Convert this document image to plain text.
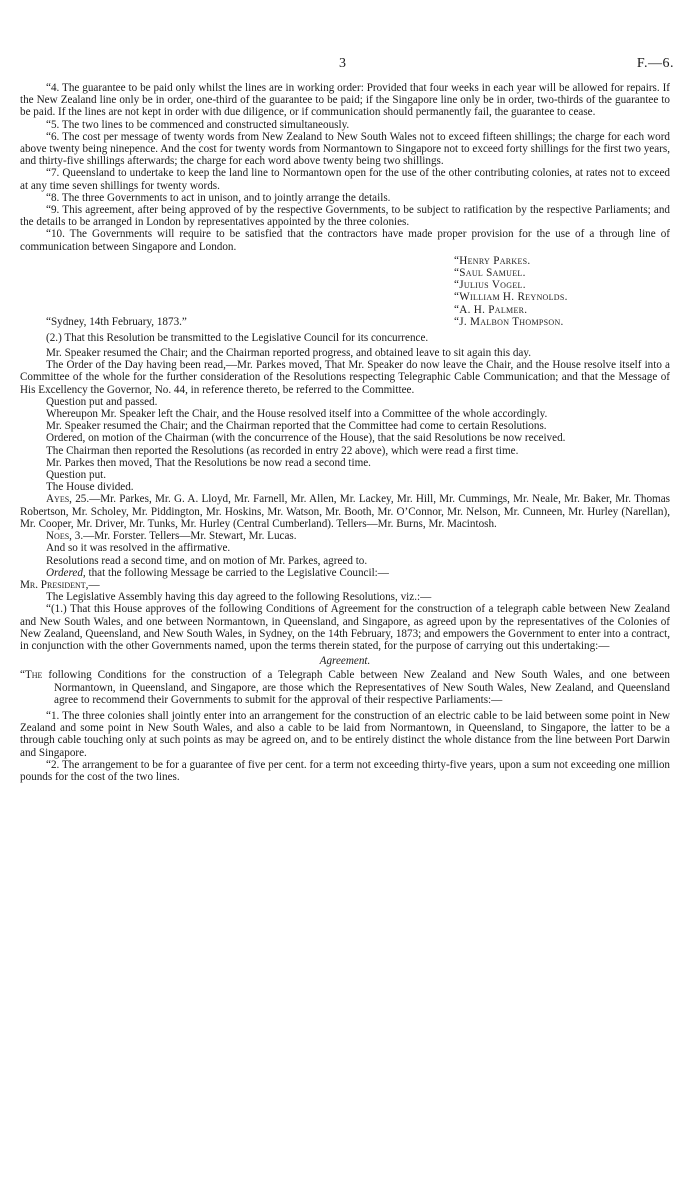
3	F.—6.

“4. The guarantee to be paid only whilst the lines are in working order: Provided that four weeks in each year will be allowed for repairs. If the New Zealand line only be in order, one-third of the guarantee to be paid; if the Singapore line only be in order, two-thirds of the guarantee to be paid. If the lines are not kept in order with due diligence, or if communication should permanently fail, the guarantee to cease.

“5. The two lines to be commenced and constructed simultaneously.

“6. The cost per message of twenty words from New Zealand to New South Wales not to exceed fifteen shillings; the charge for each word above twenty being ninepence. And the cost for twenty words from Normantown to Singapore not to exceed forty shillings for the first two years, and thirty-five shillings afterwards; the charge for each word above twenty being two shillings.

“7. Queensland to undertake to keep the land line to Normantown open for the use of the other contributing colonies, at rates not to exceed at any time seven shillings for twenty words.

“8. The three Governments to act in unison, and to jointly arrange the details.

“9. This agreement, after being approved of by the respective Governments, to be subject to ratification by the respective Parliaments; and the details to be arranged in London by representatives appointed by the three colonies.

“10. The Governments will require to be satisfied that the contractors have made proper provision for the use of a through line of communication between Singapore and London.

“Henry Parkes.

“Saul Samuel.

“Julius Vogel.

“William H. Reynolds.

“A. H. Palmer.

“J. Malbon Thompson.

“Sydney, 14th February, 1873.”

(2.) That this Resolution be transmitted to the Legislative Council for its concurrence.

Mr. Speaker resumed the Chair; and the Chairman reported progress, and obtained leave to sit again this day.

The Order of the Day having been read,—Mr. Parkes moved, That Mr. Speaker do now leave the Chair, and the House resolve itself into a Committee of the whole for the further consideration of the Resolutions respecting Telegraphic Cable Communication; and that the Message of His Excellency the Governor, No. 44, in reference thereto, be referred to the Committee.

Question put and passed.

Whereupon Mr. Speaker left the Chair, and the House resolved itself into a Committee of the whole accordingly.

Mr. Speaker resumed the Chair; and the Chairman reported that the Committee had come to certain Resolutions.

Ordered, on motion of the Chairman (with the concurrence of the House), that the said Resolutions be now received.

The Chairman then reported the Resolutions (as recorded in entry 22 above), which were read a first time.

Mr. Parkes then moved, That the Resolutions be now read a second time.

Question put.

The House divided.

Ayes, 25.—Mr. Parkes, Mr. G. A. Lloyd, Mr. Farnell, Mr. Allen, Mr. Lackey, Mr. Hill, Mr. Cummings, Mr. Neale, Mr. Baker, Mr. Thomas Robertson, Mr. Scholey, Mr. Piddington, Mr. Hoskins, Mr. Watson, Mr. Booth, Mr. O’Connor, Mr. Nelson, Mr. Cunneen, Mr. Hurley (Narellan), Mr. Cooper, Mr. Driver, Mr. Tunks, Mr. Hurley (Central Cumberland). Tellers—Mr. Burns, Mr. Macintosh.

Noes, 3.—Mr. Forster. Tellers—Mr. Stewart, Mr. Lucas.

And so it was resolved in the affirmative.

Resolutions read a second time, and on motion of Mr. Parkes, agreed to.

Ordered, that the following Message be carried to the Legislative Council:—

Mr. President,—

The Legislative Assembly having this day agreed to the following Resolutions, viz.:—

“(1.) That this House approves of the following Conditions of Agreement for the construction of a telegraph cable between New Zealand and New South Wales, and one between Normantown, in Queensland, and Singapore, as agreed upon by the representatives of the Colonies of New Zealand, Queensland, and New South Wales, in Sydney, on the 14th February, 1873; and empowers the Government to enter into a contract, in conjunction with the other Governments named, upon the terms therein stated, for the purpose of carrying out this undertaking:—

Agreement.

“The following Conditions for the construction of a Telegraph Cable between New Zealand and New South Wales, and one between Normantown, in Queensland, and Singapore, are those which the Representatives of New South Wales, New Zealand, and Queensland agree to recommend their Governments to submit for the approval of their respective Parliaments:—

“1. The three colonies shall jointly enter into an arrangement for the construction of an electric cable to be laid between some point in New Zealand and some point in New South Wales, and also a cable to be laid from Normantown, in Queensland, to Singapore, the latter to be a through cable touching only at such points as may be agreed on, and to be entirely distinct the whole distance from the line between Port Darwin and Singapore.

“2. The arrangement to be for a guarantee of five per cent. for a term not exceeding thirty-five years, upon a sum not exceeding one million pounds for the cost of the two lines.
